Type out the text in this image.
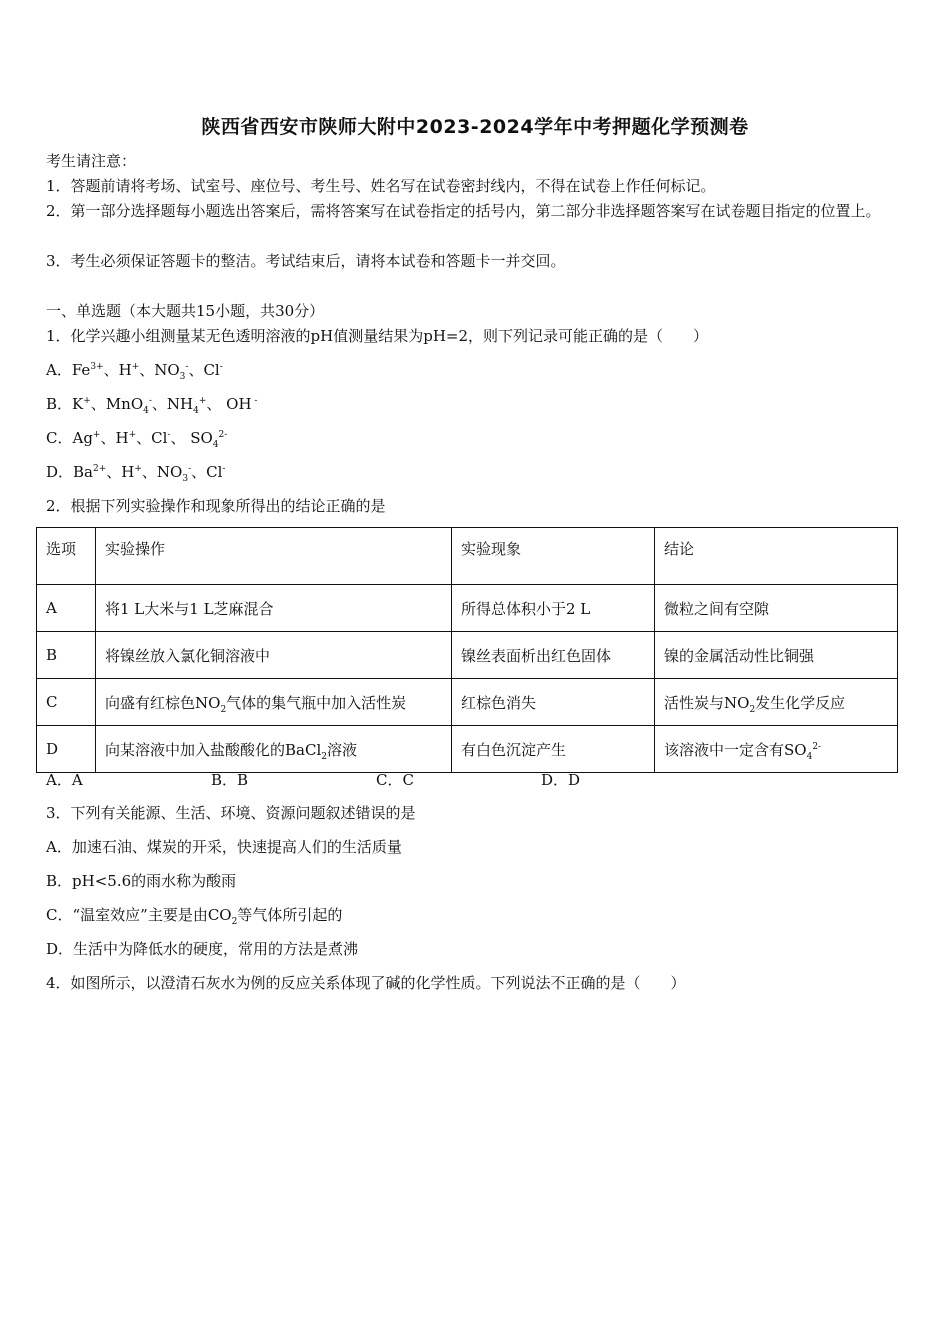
陕西省西安市陕师大附中2023-2024学年中考押题化学预测卷
考生请注意：
1．答题前请将考场、试室号、座位号、考生号、姓名写在试卷密封线内，不得在试卷上作任何标记。
2．第一部分选择题每小题选出答案后，需将答案写在试卷指定的括号内，第二部分非选择题答案写在试卷题目指定的位置上。
3．考生必须保证答题卡的整洁。考试结束后，请将本试卷和答题卡一并交回。
一、单选题（本大题共15小题，共30分）
1．化学兴趣小组测量某无色透明溶液的pH值测量结果为pH=2，则下列记录可能正确的是（　　）
A．$Fe^{3+}$、H+、$NO_3^-$、Cl-
B．K+、MnO$_4$-、$NH_4^+$、 OH -
C．Ag+、H+、Cl-、 $SO_4^{2-}$
D．$Ba^{2+}$、H+、$NO_3^-$、Cl-
2．根据下列实验操作和现象所得出的结论正确的是
选项	实验操作	实验现象	结论
A	将1 L大米与1 L芝麻混合	所得总体积小于2 L	微粒之间有空隙
B	将镍丝放入氯化铜溶液中	镍丝表面析出红色固体	镍的金属活动性比铜强
C	向盛有红棕色$NO_2$气体的集气瓶中加入活性炭	红棕色消失	活性炭与$NO_2$发生化学反应
D	向某溶液中加入盐酸酸化的BaCl$_2$溶液	有白色沉淀产生	该溶液中一定含有$SO_4^{2-}$
A．A	B．B	C．C	D．D
3．下列有关能源、生活、环境、资源问题叙述错误的是
A．加速石油、煤炭的开采，快速提高人们的生活质量
B．pH<5.6的雨水称为酸雨
C．“温室效应”主要是由$CO_2$等气体所引起的
D．生活中为降低水的硬度，常用的方法是煮沸
4．如图所示，以澄清石灰水为例的反应关系体现了碱的化学性质。下列说法不正确的是（　　）
